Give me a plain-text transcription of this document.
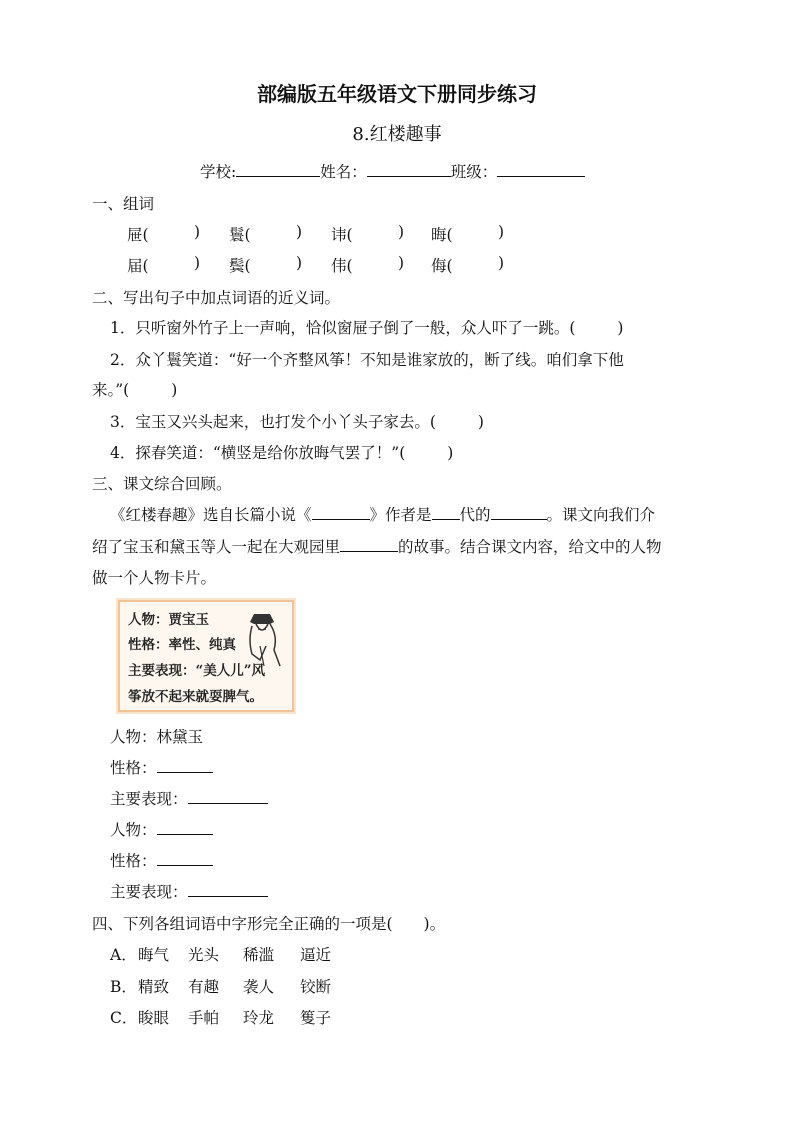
部编版五年级语文下册同步练习
8.红楼趣事
学校:	姓名：	班级：
一、组词
屉(	) 鬟(	) 讳(	) 晦(	)
届(	) 鬓(	) 伟(	) 侮(	)
二、写出句子中加点词语的近义词。
1．只听窗外竹子上一声响，恰似窗屉子倒了一般，众人吓了一跳。(	)
2．众丫鬟笑道：“好一个齐整风筝！不知是谁家放的，断了线。咱们拿下他
来。”(	)
3．宝玉又兴头起来，也打发个小丫头子家去。(	)
4．探春笑道：“横竖是给你放晦气罢了！”(	)
三、课文综合回顾。
《红楼春趣》选自长篇小说《	》作者是 代的	。课文向我们介
绍了宝玉和黛玉等人一起在大观园里	的故事。结合课文内容，给文中的人物
做一个人物卡片。
人物：贾宝玉
性格：率性、纯真
主要表现：“美人儿”风
筝放不起来就耍脾气。
人物：林黛玉
性格：
主要表现：
人物：
性格：
主要表现：
四、下列各组词语中字形完全正确的一项是(　　)。
A． 晦气 光头 稀滥 逼近
B． 精致 有趣 袭人 铰断
C． 睃眼 手帕 玲龙 篗子
